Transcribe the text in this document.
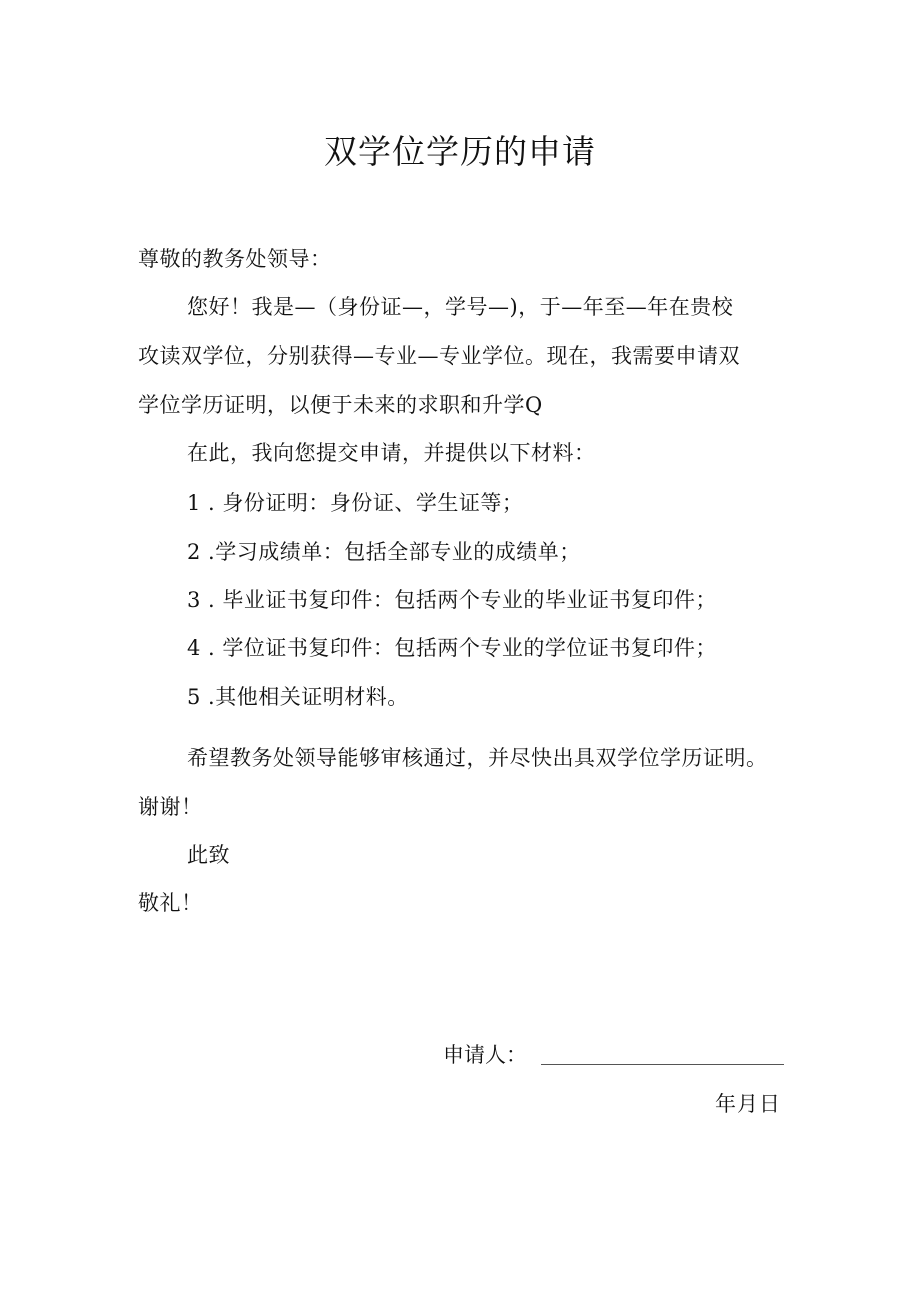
双学位学历的申请
尊敬的教务处领导：
您好！我是—（身份证—，学号—)，于—年至—年在贵校
攻读双学位，分别获得—专业—专业学位。现在，我需要申请双
学位学历证明，以便于未来的求职和升学Q
在此，我向您提交申请，并提供以下材料：
1 . 身份证明：身份证、学生证等；
2 .学习成绩单：包括全部专业的成绩单；
3 . 毕业证书复印件：包括两个专业的毕业证书复印件；
4 . 学位证书复印件：包括两个专业的学位证书复印件；
5 .其他相关证明材料。
希望教务处领导能够审核通过，并尽快出具双学位学历证明。
谢谢！
此致
敬礼！
申请人：
年月日
